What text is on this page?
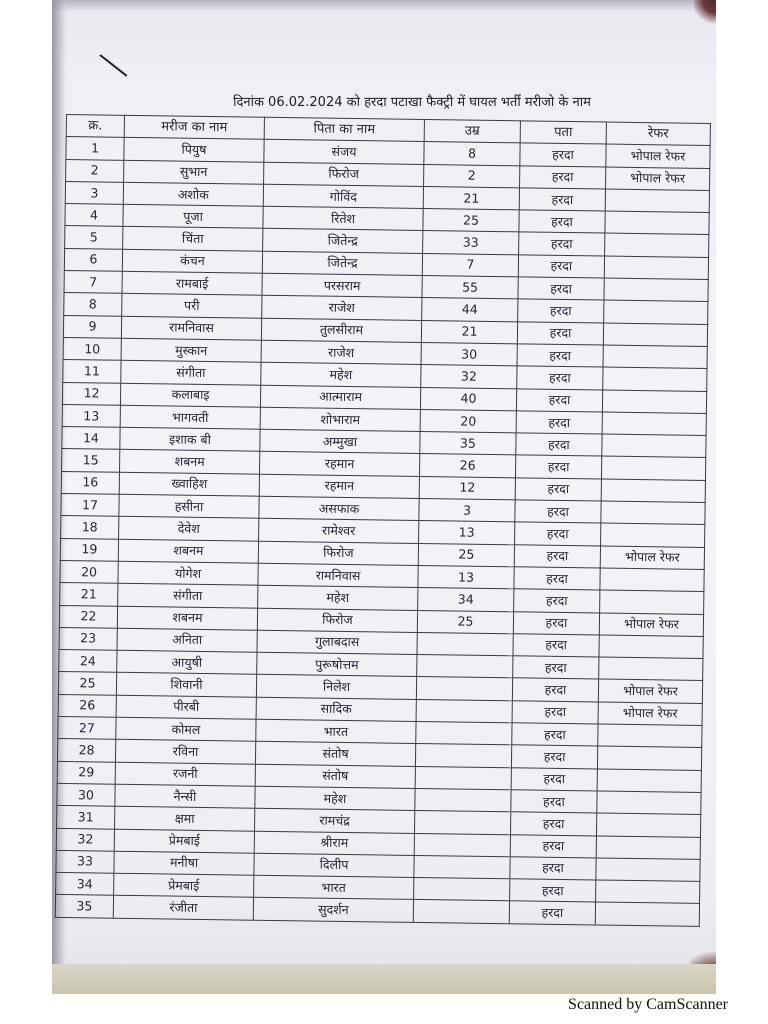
दिनांक 06.02.2024 को हरदा पटाखा फैक्ट्री में घायल भर्ती मरीजो के नाम
क्र.	मरीज का नाम	पिता का नाम	उम्र	पता	रेफर
1	पियुष	संजय	8	हरदा	भोपाल रेफर
2	सुभान	फिरोज	2	हरदा	भोपाल रेफर
3	अशोक	गोविंद	21	हरदा	
4	पूजा	रितेश	25	हरदा	
5	चिंता	जितेन्द्र	33	हरदा	
6	कंचन	जितेन्द्र	7	हरदा	
7	रामबाई	परसराम	55	हरदा	
8	परी	राजेश	44	हरदा	
9	रामनिवास	तुलसीराम	21	हरदा	
10	मुस्कान	राजेश	30	हरदा	
11	संगीता	महेश	32	हरदा	
12	कलाबाइ	आत्माराम	40	हरदा	
13	भागवती	शोभाराम	20	हरदा	
14	इशाक बी	अम्मुखा	35	हरदा	
15	शबनम	रहमान	26	हरदा	
16	ख्वाहिश	रहमान	12	हरदा	
17	हसीना	असफाक	3	हरदा	
18	देवेश	रामेश्वर	13	हरदा	
19	शबनम	फिरोज	25	हरदा	भोपाल रेफर
20	योगेश	रामनिवास	13	हरदा	
21	संगीता	महेश	34	हरदा	
22	शबनम	फिरोज	25	हरदा	भोपाल रेफर
23	अनिता	गुलाबदास		हरदा	
24	आयुषी	पुरूषोत्तम		हरदा	
25	शिवानी	निलेश		हरदा	भोपाल रेफर
26	पीरबी	सादिक		हरदा	भोपाल रेफर
27	कोमल	भारत		हरदा	
28	रविना	संतोष		हरदा	
29	रजनी	संतोष		हरदा	
30	नैन्सी	महेश		हरदा	
31	क्षमा	रामचंद्र		हरदा	
32	प्रेमबाई	श्रीराम		हरदा	
33	मनीषा	दिलीप		हरदा	
34	प्रेमबाई	भारत		हरदा	
35	रंजीता	सुदर्शन		हरदा	
Scanned by CamScanner
